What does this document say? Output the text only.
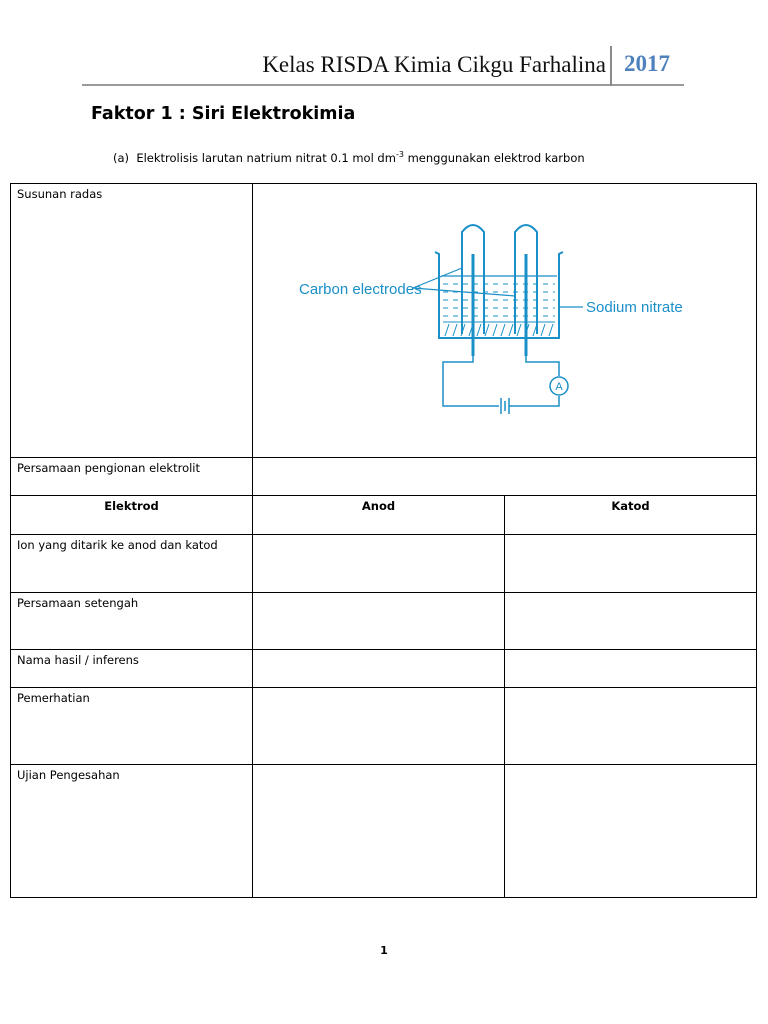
Kelas RISDA Kimia Cikgu Farhalina 2017
Faktor 1 : Siri Elektrokimia
(a) Elektrolisis larutan natrium nitrat 0.1 mol $dm^{-3}$ menggunakan elektrod karbon
Susunan radas	Carbon electrodes
Sodium nitrate
A	

Persamaan pengionan elektrolit		
Elektrod	Anod	Katod
Ion yang ditarik ke anod dan katod		
Persamaan setengah		
Nama hasil / inferens		
Pemerhatian		
Ujian Pengesahan		
1
